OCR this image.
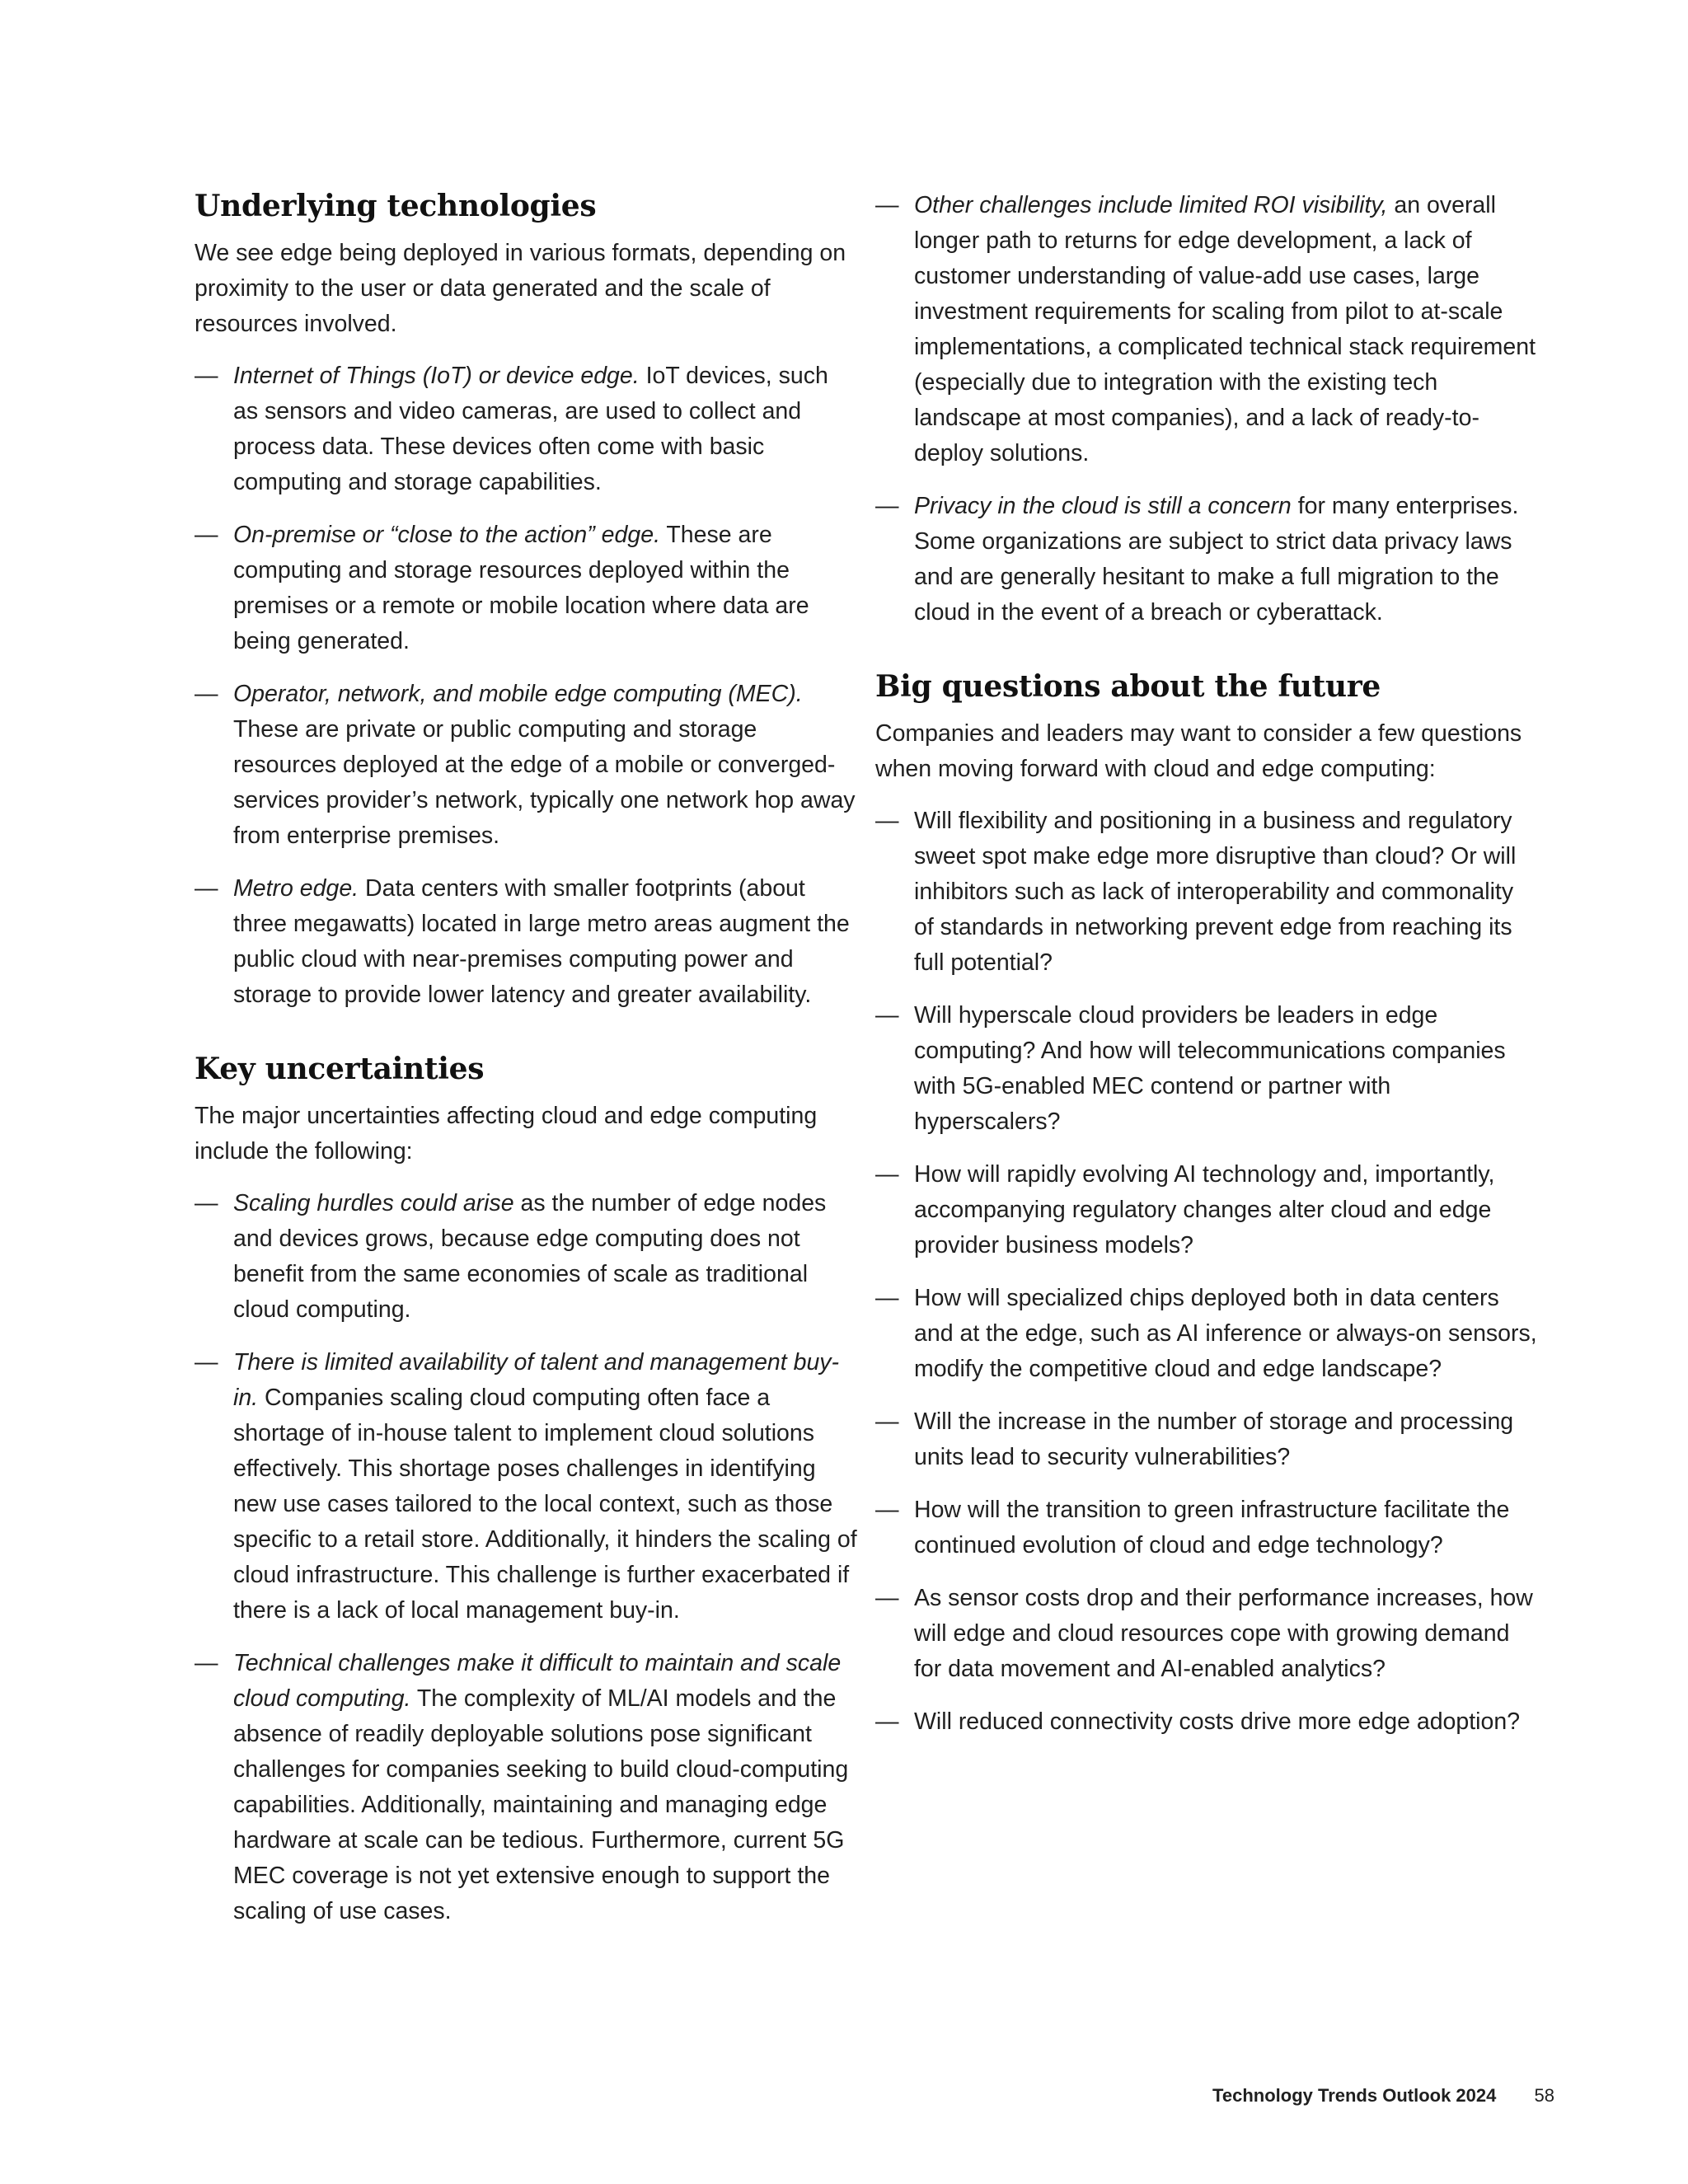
Underlying technologies

We see edge being deployed in various formats, depending on proximity to the user or data generated and the scale of resources involved.

— Internet of Things (IoT) or device edge. IoT devices, such as sensors and video cameras, are used to collect and process data. These devices often come with basic computing and storage capabilities.
— On-premise or “close to the action” edge. These are computing and storage resources deployed within the premises or a remote or mobile location where data are being generated.
— Operator, network, and mobile edge computing (MEC). These are private or public computing and storage resources deployed at the edge of a mobile or converged-services provider’s network, typically one network hop away from enterprise premises.
— Metro edge. Data centers with smaller footprints (about three megawatts) located in large metro areas augment the public cloud with near-premises computing power and storage to provide lower latency and greater availability.
Key uncertainties

The major uncertainties affecting cloud and edge computing include the following:

— Scaling hurdles could arise as the number of edge nodes and devices grows, because edge computing does not benefit from the same economies of scale as traditional cloud computing.
— There is limited availability of talent and management buy-in. Companies scaling cloud computing often face a shortage of in-house talent to implement cloud solutions effectively. This shortage poses challenges in identifying new use cases tailored to the local context, such as those specific to a retail store. Additionally, it hinders the scaling of cloud infrastructure. This challenge is further exacerbated if there is a lack of local management buy-in.
— Technical challenges make it difficult to maintain and scale cloud computing. The complexity of ML/AI models and the absence of readily deployable solutions pose significant challenges for companies seeking to build cloud-computing capabilities. Additionally, maintaining and managing edge hardware at scale can be tedious. Furthermore, current 5G MEC coverage is not yet extensive enough to support the scaling of use cases.
— Other challenges include limited ROI visibility, an overall longer path to returns for edge development, a lack of customer understanding of value-add use cases, large investment requirements for scaling from pilot to at-scale implementations, a complicated technical stack requirement (especially due to integration with the existing tech landscape at most companies), and a lack of ready-to-deploy solutions.
— Privacy in the cloud is still a concern for many enterprises. Some organizations are subject to strict data privacy laws and are generally hesitant to make a full migration to the cloud in the event of a breach or cyberattack.
Big questions about the future

Companies and leaders may want to consider a few questions when moving forward with cloud and edge computing:

— Will flexibility and positioning in a business and regulatory sweet spot make edge more disruptive than cloud? Or will inhibitors such as lack of interoperability and commonality of standards in networking prevent edge from reaching its full potential?
— Will hyperscale cloud providers be leaders in edge computing? And how will telecommunications companies with 5G-enabled MEC contend or partner with hyperscalers?
— How will rapidly evolving AI technology and, importantly, accompanying regulatory changes alter cloud and edge provider business models?
— How will specialized chips deployed both in data centers and at the edge, such as AI inference or always-on sensors, modify the competitive cloud and edge landscape?
— Will the increase in the number of storage and processing units lead to security vulnerabilities?
— How will the transition to green infrastructure facilitate the continued evolution of cloud and edge technology?
— As sensor costs drop and their performance increases, how will edge and cloud resources cope with growing demand for data movement and AI-enabled analytics?
— Will reduced connectivity costs drive more edge adoption?
Technology Trends Outlook 2024 58
